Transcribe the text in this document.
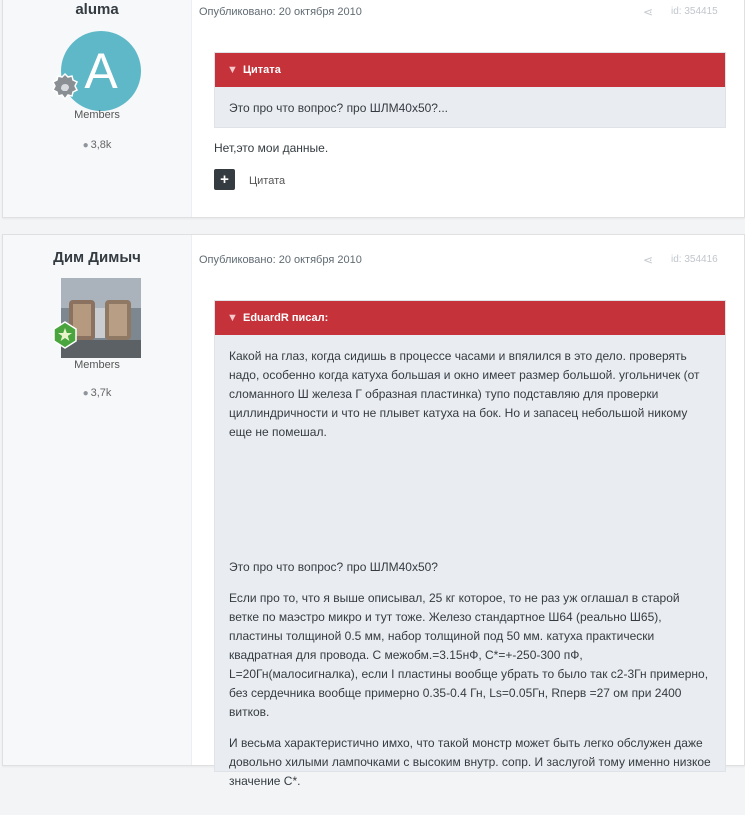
aluma
A
Members
● 3,8k
Опубликовано: 20 октября 2010	⋖ id: 354415
▼ Цитата
Это про что вопрос? про ШЛМ40х50?...
Нет,это мои данные.
+	Цитата
Дим Димыч
Members
● 3,7k
Опубликовано: 20 октября 2010	⋖ id: 354416
▼ EduardR писал:

Какой на глаз, когда сидишь в процессе часами и впялился в это дело. проверять надо, особенно когда катуха большая и окно имеет размер большой. угольничек (от сломанного Ш железа Г образная пластинка) тупо подставляю для проверки циллиндричности и что не плывет катуха на бок. Но и запасец небольшой никому еще не помешал.

Это про что вопрос? про ШЛМ40х50?

Если про то, что я выше описывал, 25 кг которое, то не раз уж оглашал в старой ветке по маэстро микро и тут тоже. Железо стандартное Ш64 (реально Ш65), пластины толщиной 0.5 мм, набор толщиной под 50 мм. катуха практически квадратная для провода. С межобм.=3.15нФ, С*=+-250-300 пФ, L=20Гн(малосигналка), если I пластины вообще убрать то было так с2-3Гн примерно, без сердечника вообще примерно 0.35-0.4 Гн, Ls=0.05Гн, Rперв =27 ом при 2400 витков.

И весьма характеристично имхо, что такой монстр может быть легко обслужен даже довольно хилыми лампочками с высоким внутр. сопр. И заслугой тому именно низкое значение С*.
